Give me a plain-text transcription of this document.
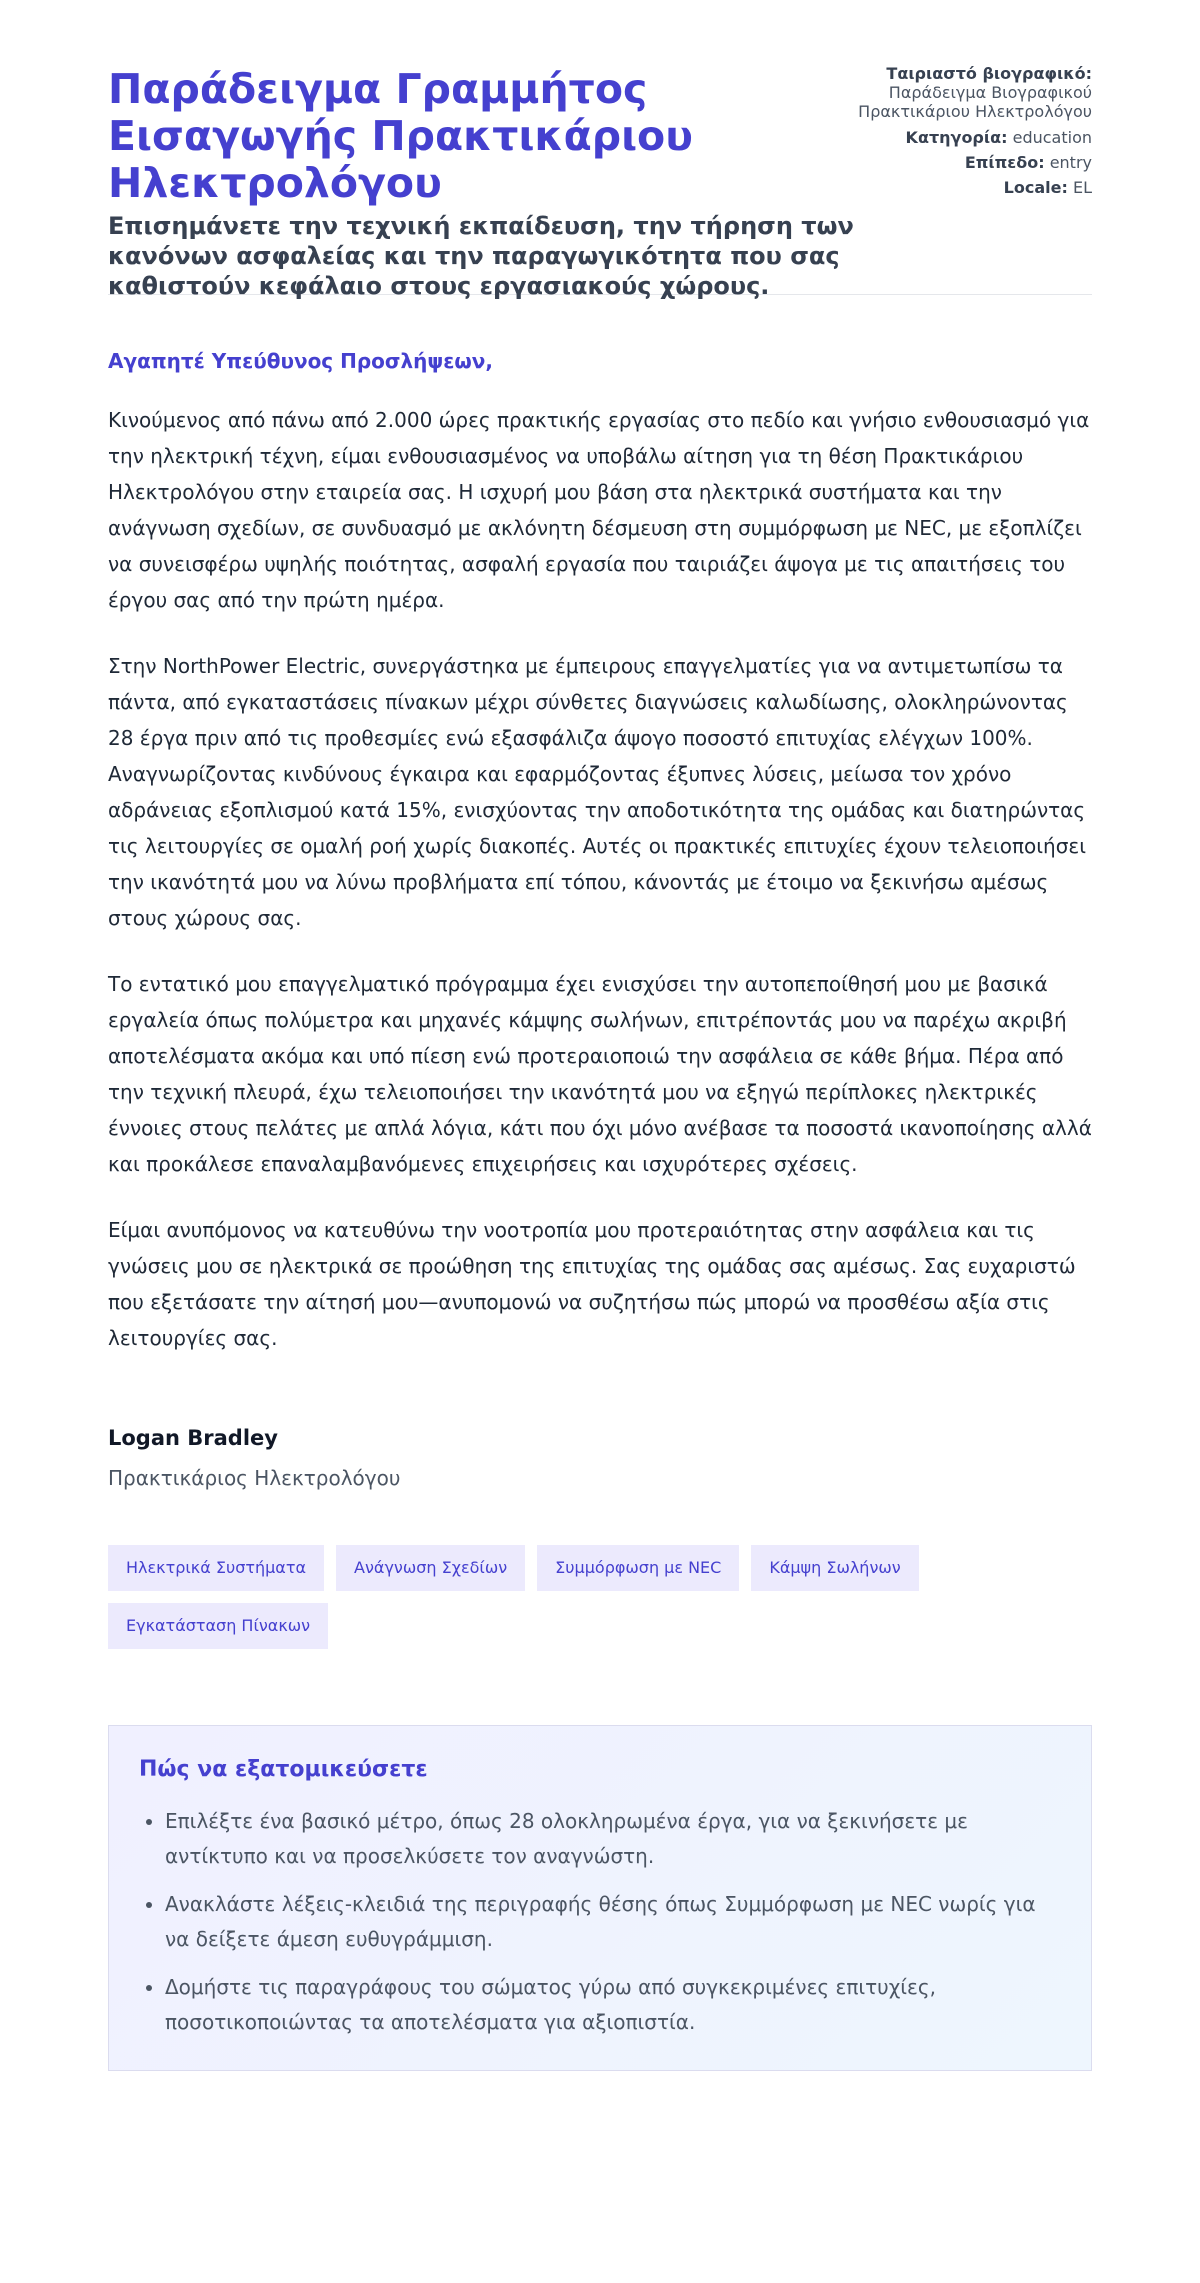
Παράδειγμα Γραμμήτος Εισαγωγής Πρακτικάριου Ηλεκτρολόγου
Επισημάνετε την τεχνική εκπαίδευση, την τήρηση των κανόνων ασφαλείας και την παραγωγικότητα που σας καθιστούν κεφάλαιο στους εργασιακούς χώρους.
Ταιριαστό βιογραφικό:
Παράδειγμα Βιογραφικού Πρακτικάριου Ηλεκτρολόγου
Κατηγορία: education
Επίπεδο: entry
Locale: EL
Αγαπητέ Υπεύθυνος Προσλήψεων,
Κινούμενος από πάνω από 2.000 ώρες πρακτικής εργασίας στο πεδίο και γνήσιο ενθουσιασμό για την ηλεκτρική τέχνη, είμαι ενθουσιασμένος να υποβάλω αίτηση για τη θέση Πρακτικάριου Ηλεκτρολόγου στην εταιρεία σας. Η ισχυρή μου βάση στα ηλεκτρικά συστήματα και την ανάγνωση σχεδίων, σε συνδυασμό με ακλόνητη δέσμευση στη συμμόρφωση με NEC, με εξοπλίζει να συνεισφέρω υψηλής ποιότητας, ασφαλή εργασία που ταιριάζει άψογα με τις απαιτήσεις του έργου σας από την πρώτη ημέρα.
Στην NorthPower Electric, συνεργάστηκα με έμπειρους επαγγελματίες για να αντιμετωπίσω τα πάντα, από εγκαταστάσεις πίνακων μέχρι σύνθετες διαγνώσεις καλωδίωσης, ολοκληρώνοντας 28 έργα πριν από τις προθεσμίες ενώ εξασφάλιζα άψογο ποσοστό επιτυχίας ελέγχων 100%. Αναγνωρίζοντας κινδύνους έγκαιρα και εφαρμόζοντας έξυπνες λύσεις, μείωσα τον χρόνο αδράνειας εξοπλισμού κατά 15%, ενισχύοντας την αποδοτικότητα της ομάδας και διατηρώντας τις λειτουργίες σε ομαλή ροή χωρίς διακοπές. Αυτές οι πρακτικές επιτυχίες έχουν τελειοποιήσει την ικανότητά μου να λύνω προβλήματα επί τόπου, κάνοντάς με έτοιμο να ξεκινήσω αμέσως στους χώρους σας.
Το εντατικό μου επαγγελματικό πρόγραμμα έχει ενισχύσει την αυτοπεποίθησή μου με βασικά εργαλεία όπως πολύμετρα και μηχανές κάμψης σωλήνων, επιτρέποντάς μου να παρέχω ακριβή αποτελέσματα ακόμα και υπό πίεση ενώ προτεραιοποιώ την ασφάλεια σε κάθε βήμα. Πέρα από την τεχνική πλευρά, έχω τελειοποιήσει την ικανότητά μου να εξηγώ περίπλοκες ηλεκτρικές έννοιες στους πελάτες με απλά λόγια, κάτι που όχι μόνο ανέβασε τα ποσοστά ικανοποίησης αλλά και προκάλεσε επαναλαμβανόμενες επιχειρήσεις και ισχυρότερες σχέσεις.
Είμαι ανυπόμονος να κατευθύνω την νοοτροπία μου προτεραιότητας στην ασφάλεια και τις γνώσεις μου σε ηλεκτρικά σε προώθηση της επιτυχίας της ομάδας σας αμέσως. Σας ευχαριστώ που εξετάσατε την αίτησή μου—ανυπομονώ να συζητήσω πώς μπορώ να προσθέσω αξία στις λειτουργίες σας.
Logan Bradley
Πρακτικάριος Ηλεκτρολόγου
Ηλεκτρικά Συστήματα	Ανάγνωση Σχεδίων	Συμμόρφωση με NEC	Κάμψη Σωλήνων
Εγκατάσταση Πίνακων
Πώς να εξατομικεύσετε
• Επιλέξτε ένα βασικό μέτρο, όπως 28 ολοκληρωμένα έργα, για να ξεκινήσετε με αντίκτυπο και να προσελκύσετε τον αναγνώστη.
• Ανακλάστε λέξεις-κλειδιά της περιγραφής θέσης όπως Συμμόρφωση με NEC νωρίς για να δείξετε άμεση ευθυγράμμιση.
• Δομήστε τις παραγράφους του σώματος γύρω από συγκεκριμένες επιτυχίες, ποσοτικοποιώντας τα αποτελέσματα για αξιοπιστία.
